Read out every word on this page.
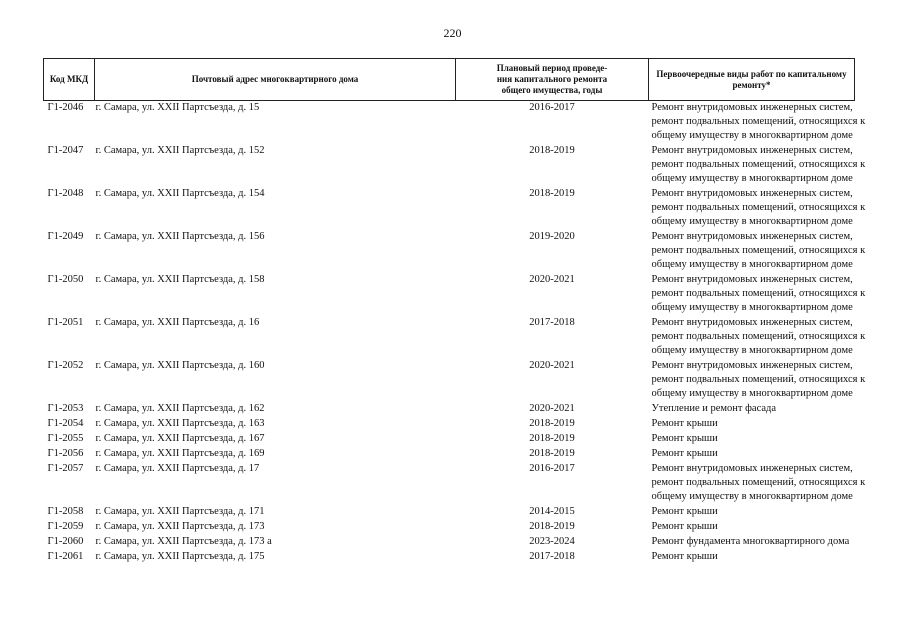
220
Код МКД	Почтовый адрес многоквартирного дома	Плановый период проведе-
ния капитального ремонта
общего имущества, годы	Первоочередные виды работ по капитальному
ремонту*

Г1-2046	г. Самара, ул. XXII Партсъезда, д. 15	2016-2017	Ремонт внутридомовых инженерных систем,
ремонт подвальных помещений, относящихся к
общему имуществу в многоквартирном доме

Г1-2047	г. Самара, ул. XXII Партсъезда, д. 152	2018-2019	Ремонт внутридомовых инженерных систем,
ремонт подвальных помещений, относящихся к
общему имуществу в многоквартирном доме

Г1-2048	г. Самара, ул. XXII Партсъезда, д. 154	2018-2019	Ремонт внутридомовых инженерных систем,
ремонт подвальных помещений, относящихся к
общему имуществу в многоквартирном доме

Г1-2049	г. Самара, ул. XXII Партсъезда, д. 156	2019-2020	Ремонт внутридомовых инженерных систем,
ремонт подвальных помещений, относящихся к
общему имуществу в многоквартирном доме

Г1-2050	г. Самара, ул. XXII Партсъезда, д. 158	2020-2021	Ремонт внутридомовых инженерных систем,
ремонт подвальных помещений, относящихся к
общему имуществу в многоквартирном доме

Г1-2051	г. Самара, ул. XXII Партсъезда, д. 16	2017-2018	Ремонт внутридомовых инженерных систем,
ремонт подвальных помещений, относящихся к
общему имуществу в многоквартирном доме

Г1-2052	г. Самара, ул. XXII Партсъезда, д. 160	2020-2021	Ремонт внутридомовых инженерных систем,
ремонт подвальных помещений, относящихся к
общему имуществу в многоквартирном доме

Г1-2053	г. Самара, ул. XXII Партсъезда, д. 162	2020-2021	Утепление и ремонт фасада

Г1-2054	г. Самара, ул. XXII Партсъезда, д. 163	2018-2019	Ремонт крыши

Г1-2055	г. Самара, ул. XXII Партсъезда, д. 167	2018-2019	Ремонт крыши

Г1-2056	г. Самара, ул. XXII Партсъезда, д. 169	2018-2019	Ремонт крыши

Г1-2057	г. Самара, ул. XXII Партсъезда, д. 17	2016-2017	Ремонт внутридомовых инженерных систем,
ремонт подвальных помещений, относящихся к
общему имуществу в многоквартирном доме

Г1-2058	г. Самара, ул. XXII Партсъезда, д. 171	2014-2015	Ремонт крыши

Г1-2059	г. Самара, ул. XXII Партсъезда, д. 173	2018-2019	Ремонт крыши

Г1-2060	г. Самара, ул. XXII Партсъезда, д. 173 а	2023-2024	Ремонт фундамента многоквартирного дома

Г1-2061	г. Самара, ул. XXII Партсъезда, д. 175	2017-2018	Ремонт крыши
